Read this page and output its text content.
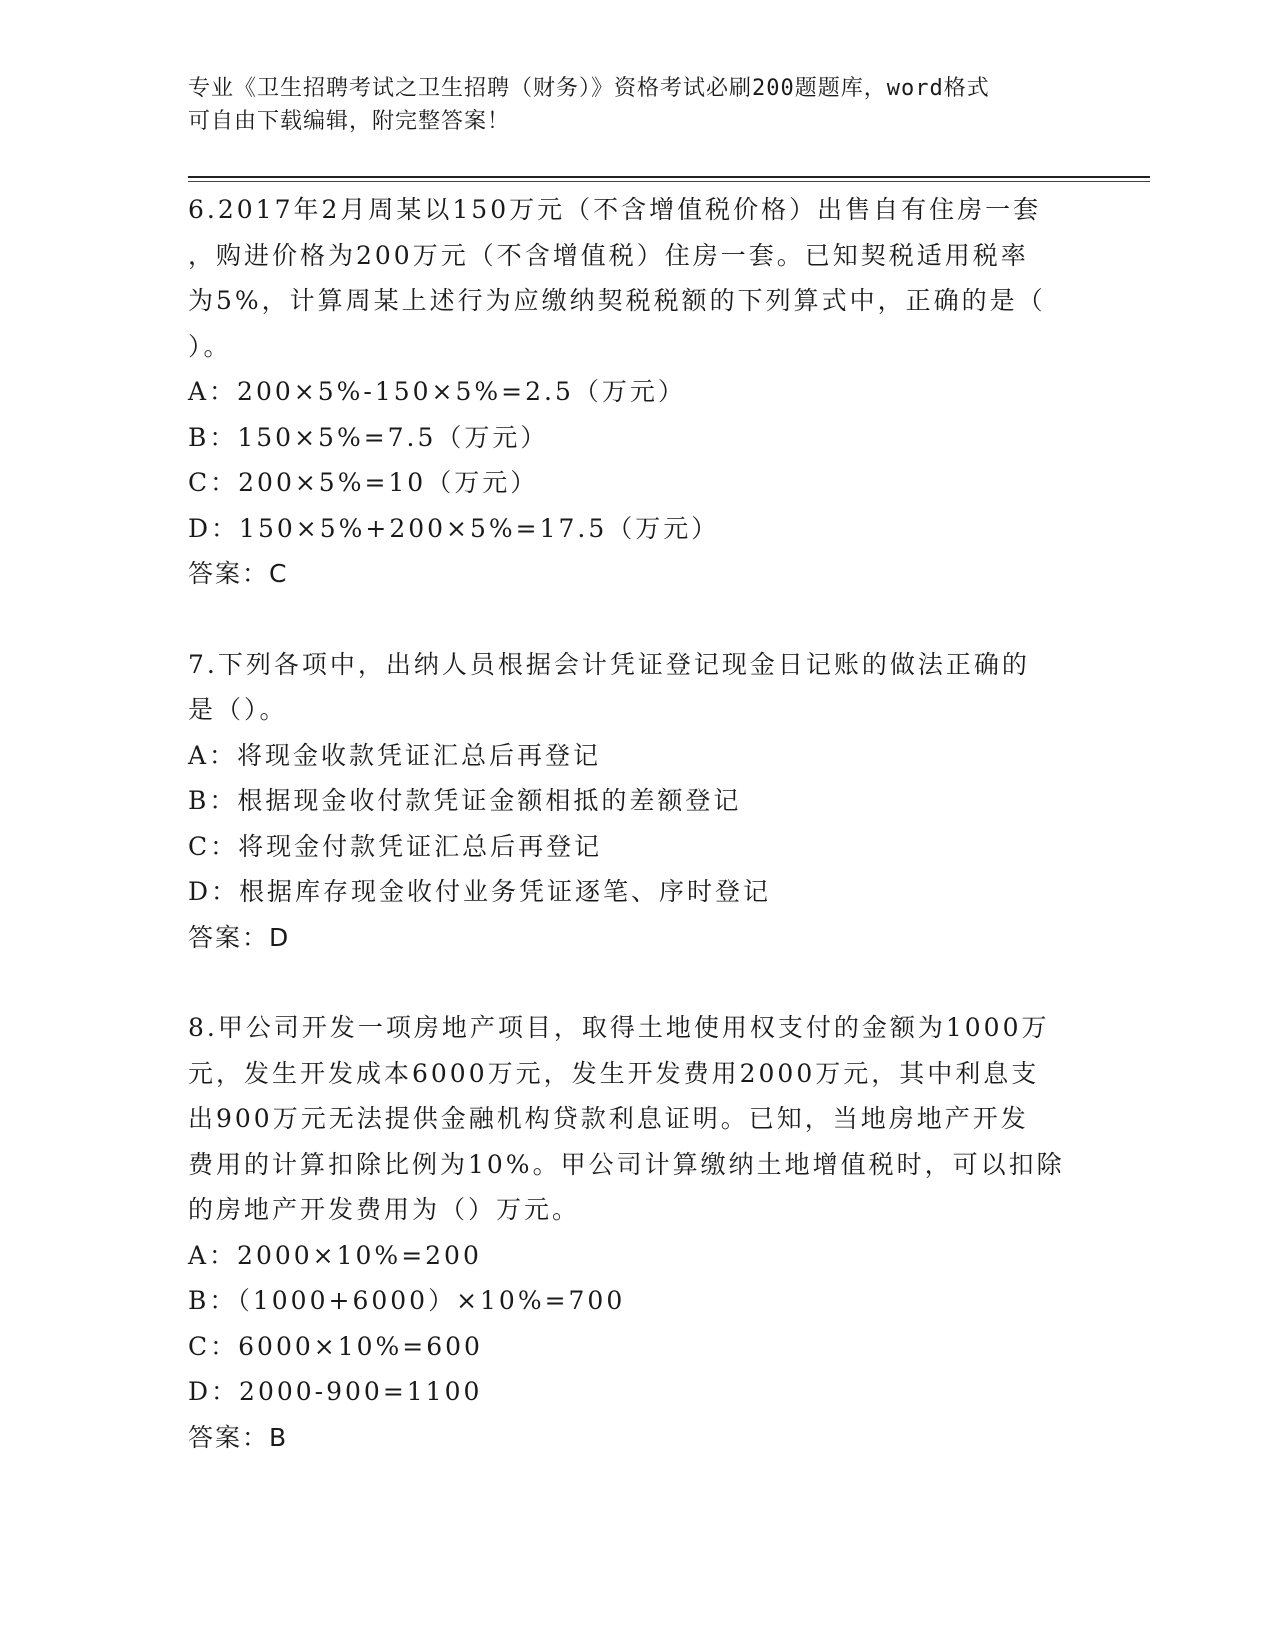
专业《卫生招聘考试之卫生招聘（财务）》资格考试必刷200题题库，word格式
可自由下载编辑，附完整答案！

6.2017年2月周某以150万元（不含增值税价格）出售自有住房一套

，购进价格为200万元（不含增值税）住房一套。已知契税适用税率

为5%，计算周某上述行为应缴纳契税税额的下列算式中，正确的是（

）。

A：200×5%-150×5%=2.5（万元）

B：150×5%=7.5（万元）

C：200×5%=10（万元）

D：150×5%+200×5%=17.5（万元）

答案：C

7.下列各项中，出纳人员根据会计凭证登记现金日记账的做法正确的

是（）。

A：将现金收款凭证汇总后再登记

B：根据现金收付款凭证金额相抵的差额登记

C：将现金付款凭证汇总后再登记

D：根据库存现金收付业务凭证逐笔、序时登记

答案：D

8.甲公司开发一项房地产项目，取得土地使用权支付的金额为1000万

元，发生开发成本6000万元，发生开发费用2000万元，其中利息支

出900万元无法提供金融机构贷款利息证明。已知，当地房地产开发

费用的计算扣除比例为10%。甲公司计算缴纳土地增值税时，可以扣除

的房地产开发费用为（）万元。

A：2000×10%=200

B：（1000+6000）×10%=700

C：6000×10%=600

D：2000-900=1100

答案：B
